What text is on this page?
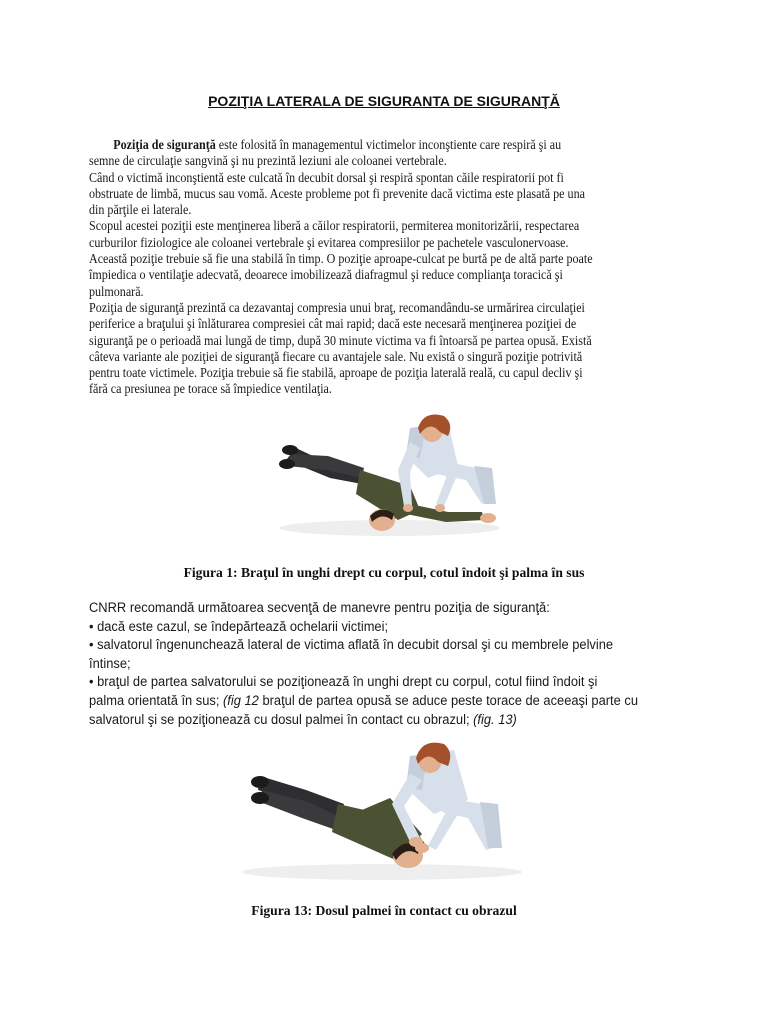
POZIŢIA LATERALA DE SIGURANTA DE SIGURANŢĂ

Poziţia de siguranţă este folosită în managementul victimelor inconştiente care respiră şi au

semne de circulaţie sangvină şi nu prezintă leziuni ale coloanei vertebrale.

Când o victimă inconştientă este culcată în decubit dorsal şi respiră spontan căile respiratorii pot fi

obstruate de limbă, mucus sau vomă. Aceste probleme pot fi prevenite dacă victima este plasată pe una

din părţile ei laterale.

Scopul acestei poziţii este menţinerea liberă a căilor respiratorii, permiterea monitorizării, respectarea

curburilor fiziologice ale coloanei vertebrale şi evitarea compresiilor pe pachetele vasculonervoase.

Această poziţie trebuie să fie una stabilă în timp. O poziţie aproape-culcat pe burtă pe de altă parte poate

împiedica o ventilaţie adecvată, deoarece imobilizează diafragmul şi reduce complianţa toracică şi

pulmonară.

Poziţia de siguranţă prezintă ca dezavantaj compresia unui braţ, recomandându-se urmărirea circulaţiei

periferice a braţului şi înlăturarea compresiei cât mai rapid; dacă este necesară menţinerea poziţiei de

siguranţă pe o perioadă mai lungă de timp, după 30 minute victima va fi întoarsă pe partea opusă. Există

câteva variante ale poziţiei de siguranţă fiecare cu avantajele sale. Nu există o singură poziţie potrivită

pentru toate victimele. Poziţia trebuie să fie stabilă, aproape de poziţia laterală reală, cu capul decliv şi

fără ca presiunea pe torace să împiedice ventilaţia.

Figura 1: Braţul în unghi drept cu corpul, cotul îndoit şi palma în sus

CNRR recomandă următoarea secvenţă de manevre pentru poziţia de siguranţă:

• dacă este cazul, se îndepărtează ochelarii victimei;

• salvatorul îngenunchează lateral de victima aflată în decubit dorsal şi cu membrele pelvine

întinse;

• braţul de partea salvatorului se poziţionează în unghi drept cu corpul, cotul fiind îndoit şi

palma orientată în sus; (fig 12 braţul de partea opusă se aduce peste torace de aceeaşi parte cu

salvatorul şi se poziţionează cu dosul palmei în contact cu obrazul; (fig. 13)

Figura 13: Dosul palmei în contact cu obrazul
